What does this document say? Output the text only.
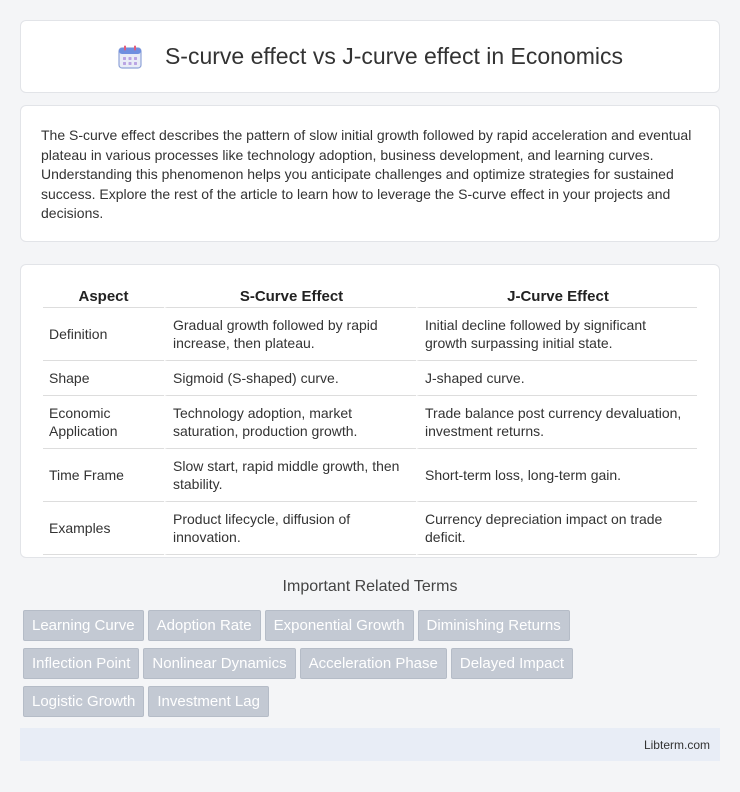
S-curve effect vs J-curve effect in Economics

The S-curve effect describes the pattern of slow initial growth followed by rapid acceleration and eventual plateau in various processes like technology adoption, business development, and learning curves. Understanding this phenomenon helps you anticipate challenges and optimize strategies for sustained success. Explore the rest of the article to learn how to leverage the S-curve effect in your projects and decisions.

Aspect	S-Curve Effect	J-Curve Effect
Definition	Gradual growth followed by rapid increase, then plateau.	Initial decline followed by significant growth surpassing initial state.
Shape	Sigmoid (S-shaped) curve.	J-shaped curve.
Economic Application	Technology adoption, market saturation, production growth.	Trade balance post currency devaluation, investment returns.
Time Frame	Slow start, rapid middle growth, then stability.	Short-term loss, long-term gain.
Examples	Product lifecycle, diffusion of innovation.	Currency depreciation impact on trade deficit.
Important Related Terms
Learning Curve Adoption Rate Exponential Growth Diminishing Returns
Inflection Point Nonlinear Dynamics Acceleration Phase Delayed Impact
Logistic Growth Investment Lag
Libterm.com
